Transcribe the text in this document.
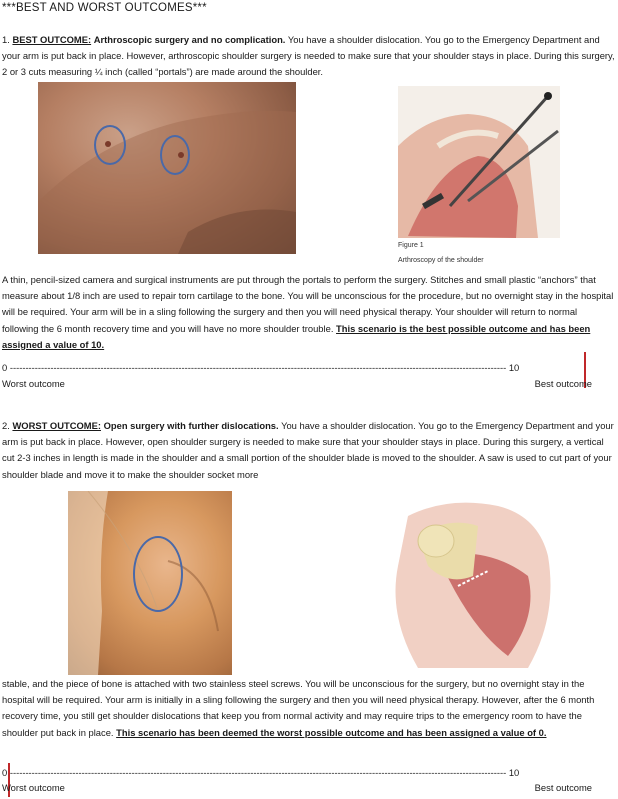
***BEST AND WORST OUTCOMES***

1. BEST OUTCOME: Arthroscopic surgery and no complication. You have a shoulder dislocation. You go to the Emergency Department and your arm is put back in place. However, arthroscopic shoulder surgery is needed to make sure that your shoulder stays in place. During this surgery, 2 or 3 cuts measuring ¼ inch (called “portals”) are made around the shoulder.

Figure 1
Arthroscopy of the shoulder

A thin, pencil-sized camera and surgical instruments are put through the portals to perform the surgery. Stitches and small plastic “anchors” that measure about 1/8 inch are used to repair torn cartilage to the bone. You will be unconscious for the procedure, but no overnight stay in the hospital will be required. Your arm will be in a sling following the surgery and then you will need physical therapy. Your shoulder will return to normal following the 6 month recovery time and you will have no more shoulder trouble. This scenario is the best possible outcome and has been assigned a value of 10.

0 --------------------------------------------------------------------------------------------------------------------------------------------------------------- 10
Worst outcome	Best outcome

2. WORST OUTCOME: Open surgery with further dislocations. You have a shoulder dislocation. You go to the Emergency Department and your arm is put back in place. However, open shoulder surgery is needed to make sure that your shoulder stays in place. During this surgery, a vertical cut 2-3 inches in length is made in the shoulder and a small portion of the shoulder blade is moved to the shoulder. A saw is used to cut part of your shoulder blade and move it to make the shoulder socket more

stable, and the piece of bone is attached with two stainless steel screws. You will be unconscious for the surgery, but no overnight stay in the hospital will be required. Your arm is initially in a sling following the surgery and then you will need physical therapy. However, after the 6 month recovery time, you still get shoulder dislocations that keep you from normal activity and may require trips to the emergency room to have the shoulder put back in place. This scenario has been deemed the worst possible outcome and has been assigned a value of 0.

0 --------------------------------------------------------------------------------------------------------------------------------------------------------------- 10
Worst outcome	Best outcome
